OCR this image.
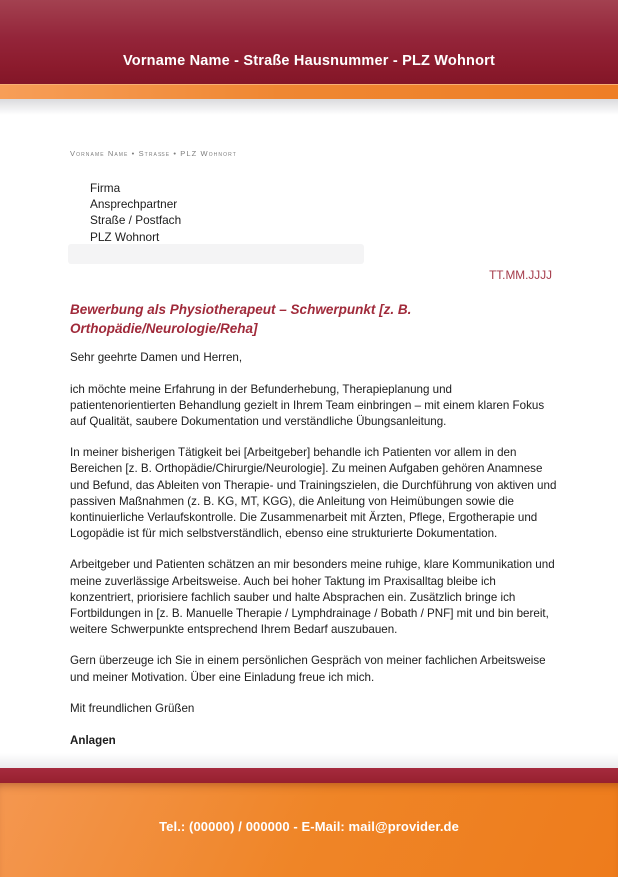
Vorname Name - Straße Hausnummer - PLZ Wohnort
Vorname Name • Straße • PLZ Wohnort
Firma
Ansprechpartner
Straße / Postfach
PLZ Wohnort
TT.MM.JJJJ
Bewerbung als Physiotherapeut – Schwerpunkt [z. B. Orthopädie/Neurologie/Reha]

Sehr geehrte Damen und Herren,

ich möchte meine Erfahrung in der Befunderhebung, Therapieplanung und patientenorientierten Behandlung gezielt in Ihrem Team einbringen – mit einem klaren Fokus auf Qualität, saubere Dokumentation und verständliche Übungsanleitung.

In meiner bisherigen Tätigkeit bei [Arbeitgeber] behandle ich Patienten vor allem in den Bereichen [z. B. Orthopädie/Chirurgie/Neurologie]. Zu meinen Aufgaben gehören Anamnese und Befund, das Ableiten von Therapie- und Trainingszielen, die Durchführung von aktiven und passiven Maßnahmen (z. B. KG, MT, KGG), die Anleitung von Heimübungen sowie die kontinuierliche Verlaufskontrolle. Die Zusammenarbeit mit Ärzten, Pflege, Ergotherapie und Logopädie ist für mich selbstverständlich, ebenso eine strukturierte Dokumentation.

Arbeitgeber und Patienten schätzen an mir besonders meine ruhige, klare Kommunikation und meine zuverlässige Arbeitsweise. Auch bei hoher Taktung im Praxisalltag bleibe ich konzentriert, priorisiere fachlich sauber und halte Absprachen ein. Zusätzlich bringe ich Fortbildungen in [z. B. Manuelle Therapie / Lymphdrainage / Bobath / PNF] mit und bin bereit, weitere Schwerpunkte entsprechend Ihrem Bedarf auszubauen.

Gern überzeuge ich Sie in einem persönlichen Gespräch von meiner fachlichen Arbeitsweise und meiner Motivation. Über eine Einladung freue ich mich.

Mit freundlichen Grüßen

Anlagen

Tel.: (00000) / 000000 - E-Mail: mail@provider.de
